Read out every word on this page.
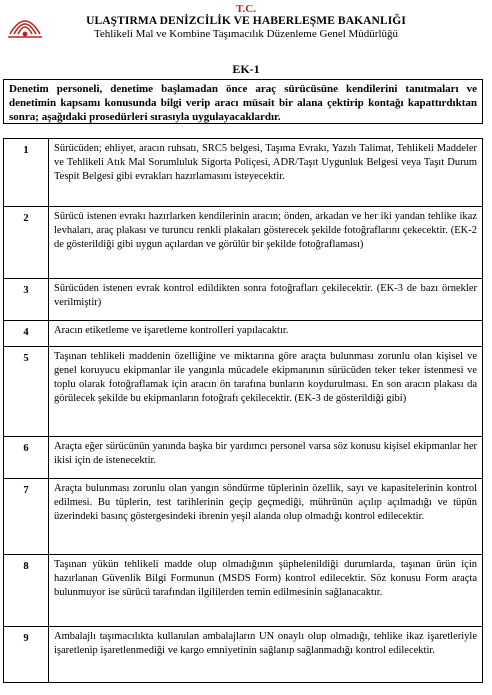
T.C.
ULAŞTIRMA DENİZCİLİK VE HABERLEŞME BAKANLIĞI
Tehlikeli Mal ve Kombine Taşımacılık Düzenleme Genel Müdürlüğü
EK-1
Denetim personeli, denetime başlamadan önce araç sürücüsüne kendilerini tanıtmaları ve denetimin kapsamı konusunda bilgi verip aracı müsait bir alana çektirip kontağı kapattırdıktan sonra; aşağıdaki prosedürleri sırasıyla uygulayacaklardır.
1	Sürücüden; ehliyet, aracın ruhsatı, SRC5 belgesi, Taşıma Evrakı, Yazılı Talimat, Tehlikeli Maddeler ve Tehlikeli Atık Mal Sorumluluk Sigorta Poliçesi, ADR/Taşıt Uygunluk Belgesi veya Taşıt Durum Tespit Belgesi gibi evrakları hazırlamasını isteyecektir.
2	Sürücü istenen evrakı hazırlarken kendilerinin aracın; önden, arkadan ve her iki yandan tehlike ikaz levhaları, araç plakası ve turuncu renkli plakaları gösterecek şekilde fotoğraflarını çekecektir. (EK-2 de gösterildiği gibi uygun açılardan ve görülür bir şekilde fotoğraflaması)
3	Sürücüden istenen evrak kontrol edildikten sonra fotoğrafları çekilecektir. (EK-3 de bazı örnekler verilmiştir)
4	Aracın etiketleme ve işaretleme kontrolleri yapılacaktır.
5	Taşınan tehlikeli maddenin özelliğine ve miktarına göre araçta bulunması zorunlu olan kişisel ve genel koruyucu ekipmanlar ile yangınla mücadele ekipmanının sürücüden teker teker istenmesi ve toplu olarak fotoğraflamak için aracın ön tarafına bunların koydurulması. En son aracın plakası da görülecek şekilde bu ekipmanların fotoğrafı çekilecektir. (EK-3 de gösterildiği gibi)
6	Araçta eğer sürücünün yanında başka bir yardımcı personel varsa söz konusu kişisel ekipmanlar her ikisi için de istenecektir.
7	Araçta bulunması zorunlu olan yangın söndürme tüplerinin özellik, sayı ve kapasitelerinin kontrol edilmesi. Bu tüplerin, test tarihlerinin geçip geçmediği, mührünün açılıp açılmadığı ve tüpün üzerindeki basınç göstergesindeki ibrenin yeşil alanda olup olmadığı kontrol edilecektir.
8	Taşınan yükün tehlikeli madde olup olmadığının şüphelenildiği durumlarda, taşınan ürün için hazırlanan Güvenlik Bilgi Formunun (MSDS Form) kontrol edilecektir. Söz konusu Form araçta bulunmuyor ise sürücü tarafından ilgililerden temin edilmesinin sağlanacaktır.
9	Ambalajlı taşımacılıkta kullanılan ambalajların UN onaylı olup olmadığı, tehlike ikaz işaretleriyle işaretlenip işaretlenmediği ve kargo emniyetinin sağlanıp sağlanmadığı kontrol edilecektir.
